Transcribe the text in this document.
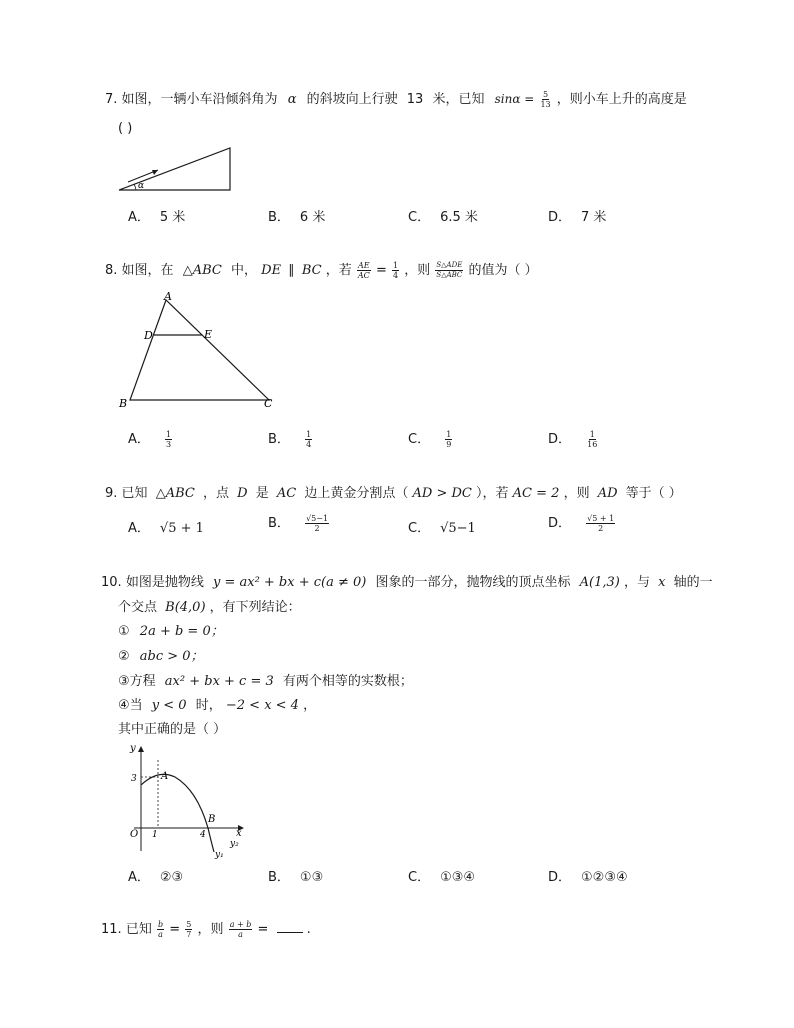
7. 如图，一辆小车沿倾斜角为 α 的斜坡向上行驶 13 米，已知 $\sin\alpha = \frac{5}{13}$ ，则小车上升的高度是
( )
α
A． 5 米	B． 6 米	C． 6.5 米	D． 7 米
8. 如图，在 △ABC 中， DE ∥ BC ，若 $\frac{AE}{AC} = \frac{1}{4}$ ，则 $\frac{\text{S△ADE}}{\text{S△ABC}}$ 的值为（ ）
A
D	E
B	C
A． $\frac{1}{3}$	B． $\frac{1}{4}$	C． $\frac{1}{9}$	D． $\frac{1}{16}$
9. 已知 △ABC ，点 D 是 AC 边上黄金分割点（ AD > DC ），若 AC = 2 ，则 AD 等于（ ）
A． √5 + 1	B． $\frac{√5-1}{2}$	C． √5−1	D． $\frac{√5 + 1}{2}$
10. 如图是抛物线 y = ax² + bx + c(a ≠ 0) 图象的一部分，抛物线的顶点坐标 A(1,3) ，与 x 轴的一
个交点 B(4,0) ，有下列结论：
① 2a + b = 0；
② abc > 0；
③方程 ax² + bx + c = 3 有两个相等的实数根；
④当 y < 0 时， −2 < x < 4 ，
其中正确的是（ ）
y
x
O 1	4
3 A
B
y₂
y₁
A． ②③	B． ①③	C． ①③④	D． ①②③④
11. 已知 $\frac{b}{a} = \frac{5}{7}$ ，则 $\frac{a + b}{a}$ =	.
